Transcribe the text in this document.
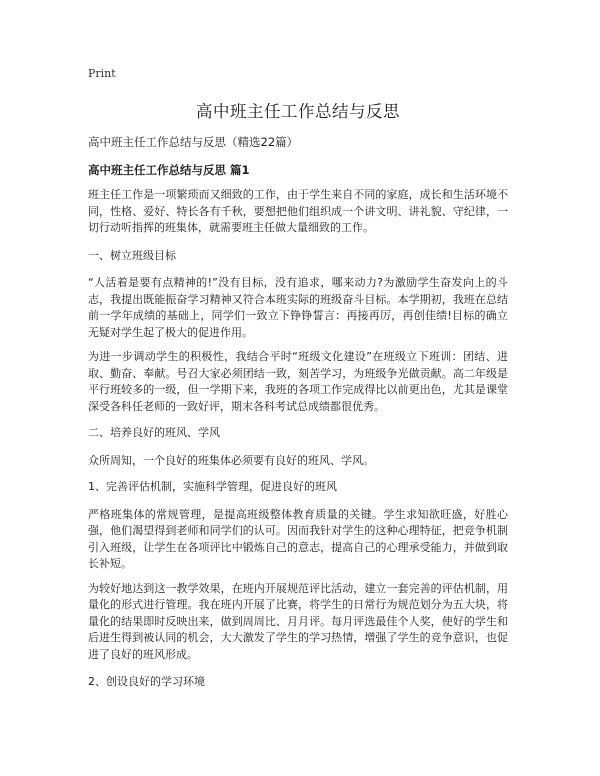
Print

高中班主任工作总结与反思

高中班主任工作总结与反思（精选22篇）

高中班主任工作总结与反思 篇1

班主任工作是一项繁琐而又细致的工作，由于学生来自不同的家庭，成长和生活环境不同，性格、爱好、特长各有千秋，要想把他们组织成一个讲文明、讲礼貌、守纪律，一切行动听指挥的班集体，就需要班主任做大量细致的工作。

一、树立班级目标

“人活着是要有点精神的!”没有目标，没有追求，哪来动力?为激励学生奋发向上的斗志，我提出既能振奋学习精神又符合本班实际的班级奋斗目标。本学期初，我班在总结前一学年成绩的基础上，同学们一致立下铮铮誓言：再接再厉，再创佳绩!目标的确立无疑对学生起了极大的促进作用。

为进一步调动学生的积极性，我结合平时“班级文化建设”在班级立下班训：团结、进取、勤奋、奉献。号召大家必须团结一致，刻苦学习，为班级争光做贡献。高二年级是平行班较多的一级，但一学期下来，我班的各项工作完成得比以前更出色，尤其是课堂深受各科任老师的一致好评，期末各科考试总成绩都很优秀。

二、培养良好的班风、学风

众所周知，一个良好的班集体必须要有良好的班风、学风。

1、完善评估机制，实施科学管理，促进良好的班风

严格班集体的常规管理，是提高班级整体教育质量的关键。学生求知欲旺盛，好胜心强，他们渴望得到老师和同学们的认可。因而我针对学生的这种心理特征，把竞争机制引入班级，让学生在各项评比中锻炼自己的意志，提高自己的心理承受能力，并做到取长补短。

为较好地达到这一教学效果，在班内开展规范评比活动，建立一套完善的评估机制，用量化的形式进行管理。我在班内开展了比赛，将学生的日常行为规范划分为五大块，将量化的结果即时反映出来，做到周周比、月月评。每月评选最佳个人奖，使好的学生和后进生得到被认同的机会，大大激发了学生的学习热情，增强了学生的竞争意识，也促进了良好的班风形成。

2、创设良好的学习环境
